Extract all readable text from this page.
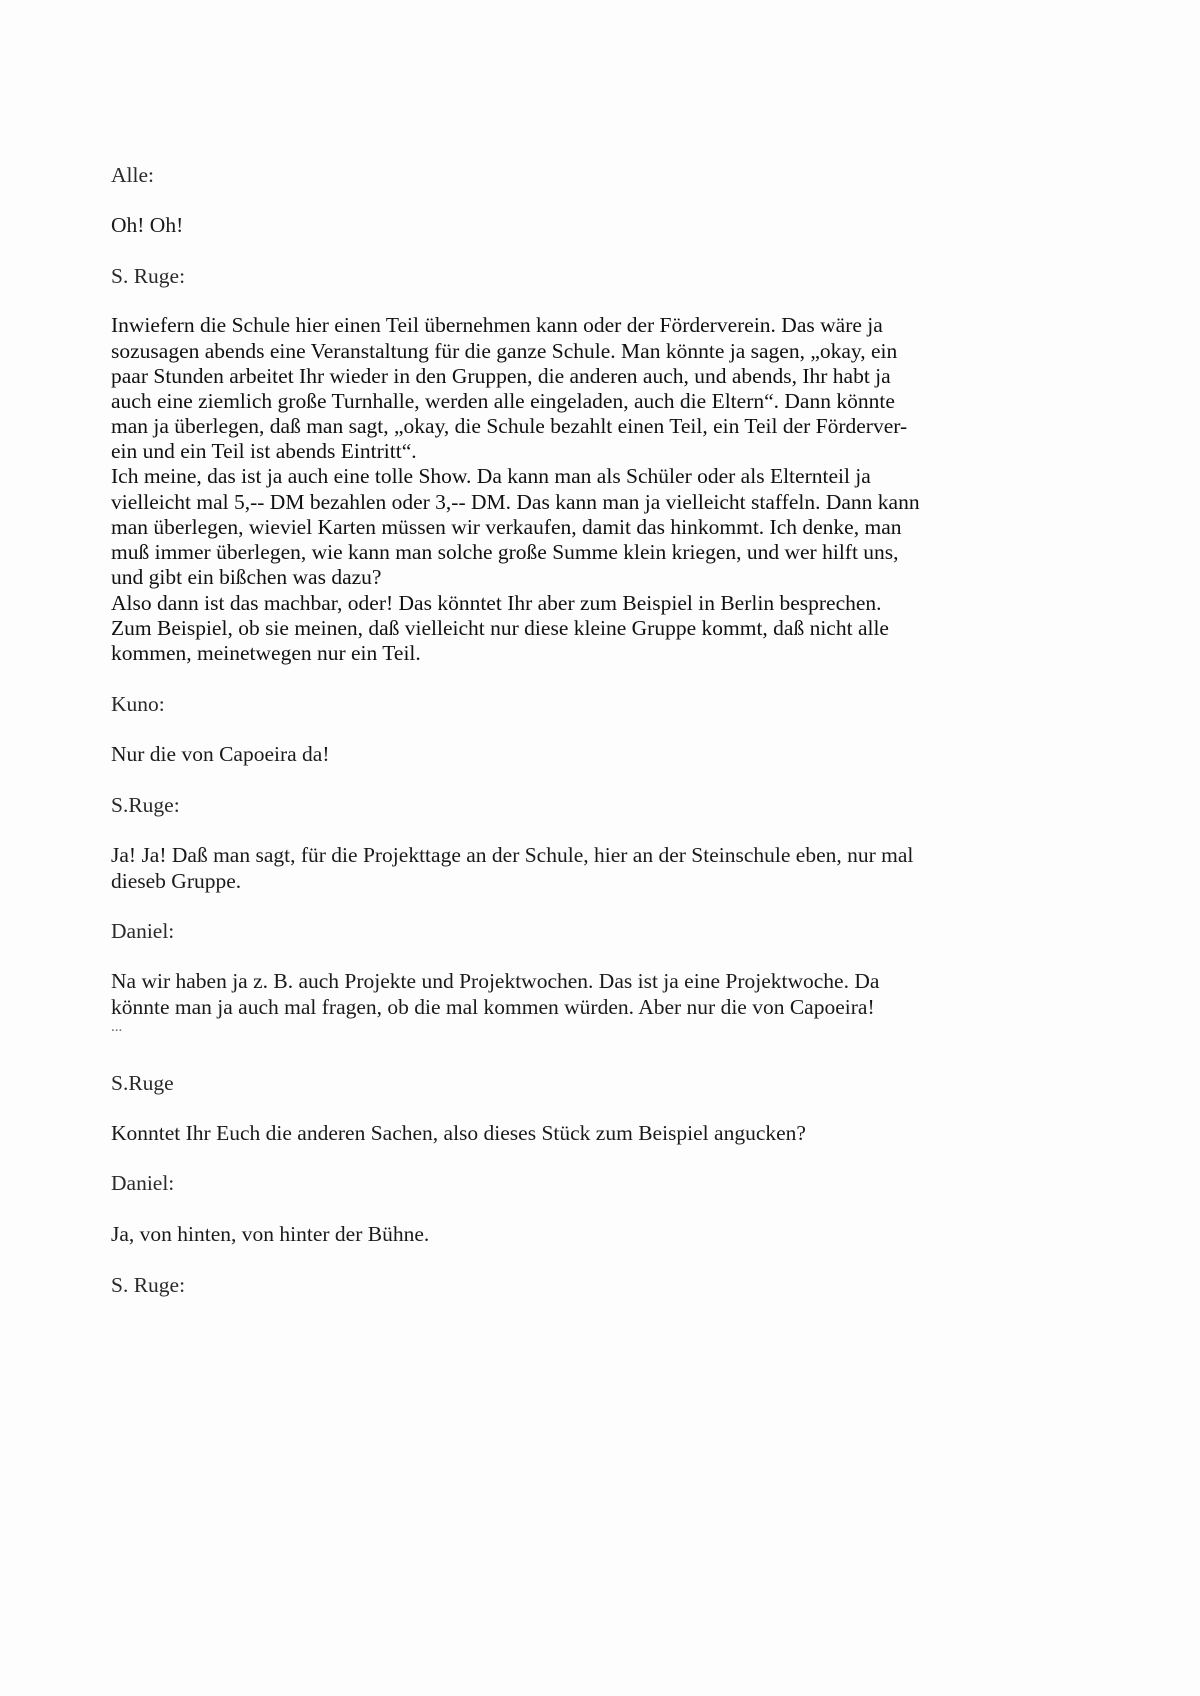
Alle:

Oh! Oh!

S. Ruge:

Inwiefern die Schule hier einen Teil übernehmen kann oder der Förderverein. Das wäre ja

sozusagen abends eine Veranstaltung für die ganze Schule. Man könnte ja sagen, „okay, ein

paar Stunden arbeitet Ihr wieder in den Gruppen, die anderen auch, und abends, Ihr habt ja

auch eine ziemlich große Turnhalle, werden alle eingeladen, auch die Eltern“. Dann könnte

man ja überlegen, daß man sagt, „okay, die Schule bezahlt einen Teil, ein Teil der Förderver-

ein und ein Teil ist abends Eintritt“.

Ich meine, das ist ja auch eine tolle Show. Da kann man als Schüler oder als Elternteil ja

vielleicht mal 5,-- DM bezahlen oder 3,-- DM. Das kann man ja vielleicht staffeln. Dann kann

man überlegen, wieviel Karten müssen wir verkaufen, damit das hinkommt. Ich denke, man

muß immer überlegen, wie kann man solche große Summe klein kriegen, und wer hilft uns,

und gibt ein bißchen was dazu?

Also dann ist das machbar, oder! Das könntet Ihr aber zum Beispiel in Berlin besprechen.

Zum Beispiel, ob sie meinen, daß vielleicht nur diese kleine Gruppe kommt, daß nicht alle

kommen, meinetwegen nur ein Teil.

Kuno:

Nur die von Capoeira da!

S.Ruge:

Ja! Ja! Daß man sagt, für die Projekttage an der Schule, hier an der Steinschule eben, nur mal

dieseb Gruppe.

Daniel:

Na wir haben ja z. B. auch Projekte und Projektwochen. Das ist ja eine Projektwoche. Da

könnte man ja auch mal fragen, ob die mal kommen würden. Aber nur die von Capoeira!

...

S.Ruge

Konntet Ihr Euch die anderen Sachen, also dieses Stück zum Beispiel angucken?

Daniel:

Ja, von hinten, von hinter der Bühne.

S. Ruge:
